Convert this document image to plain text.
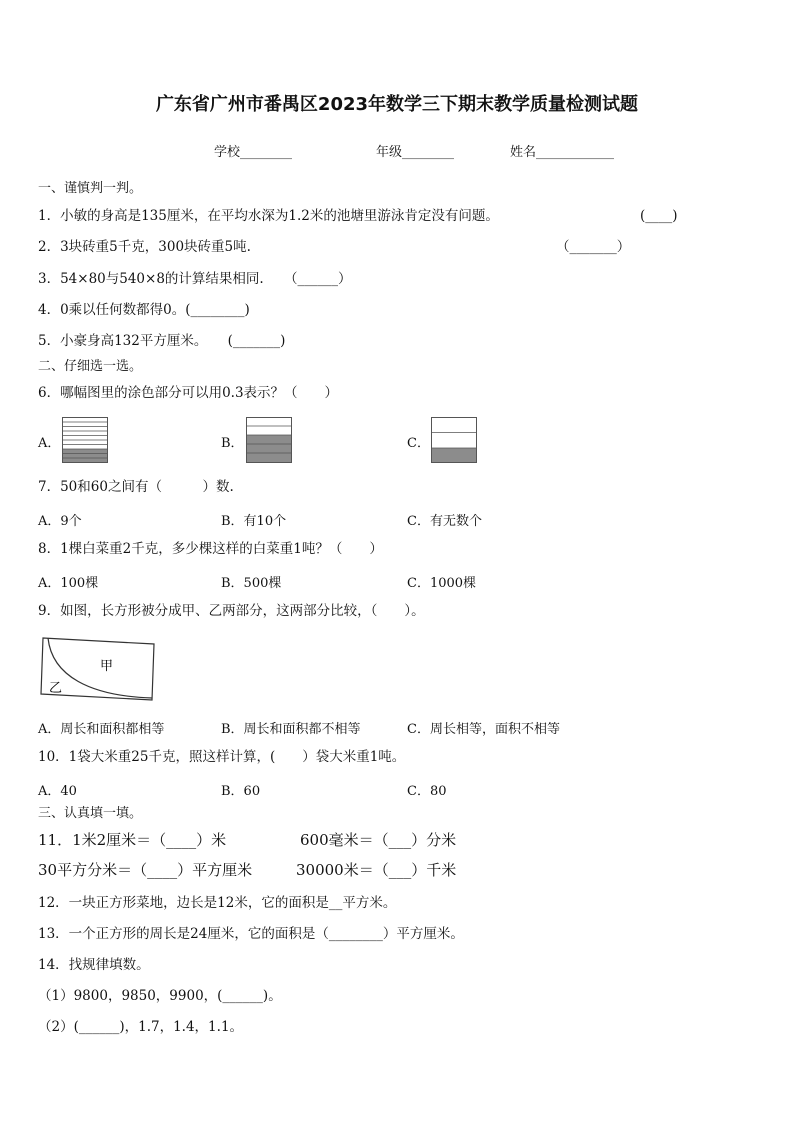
广东省广州市番禺区2023年数学三下期末教学质量检测试题
学校________	年级________	姓名____________
一、谨慎判一判。
1．小敏的身高是135厘米，在平均水深为1.2米的池塘里游泳肯定没有问题。	(____)
2．3块砖重5千克，300块砖重5吨.	（_______）
3．54×80与540×8的计算结果相同.　　（______）
4．0乘以任何数都得0。(________)
5．小豪身高132平方厘米。　　(_______)
二、仔细选一选。
6．哪幅图里的涂色部分可以用0.3表示？（　　）
A．	B．	C．
7．50和60之间有（　　　）数.
A．9个	B．有10个	C．有无数个
8．1棵白菜重2千克，多少棵这样的白菜重1吨？（　　）
A．100棵	B．500棵	C．1000棵
9．如图，长方形被分成甲、乙两部分，这两部分比较，（　　）。
甲
乙
A．周长和面积都相等	B．周长和面积都不相等	C．周长相等，面积不相等
10．1袋大米重25千克，照这样计算，(　　）袋大米重1吨。
A．40	B．60	C．80
三、认真填一填。
11．1米2厘米＝（____）米	600毫米＝（___）分米
30平方分米＝（____）平方厘米	30000米＝（___）千米
12．一块正方形菜地，边长是12米，它的面积是__平方米。
13．一个正方形的周长是24厘米，它的面积是（________）平方厘米。
14．找规律填数。
（1）9800，9850，9900，(______)。
（2）(______)，1.7，1.4，1.1。
